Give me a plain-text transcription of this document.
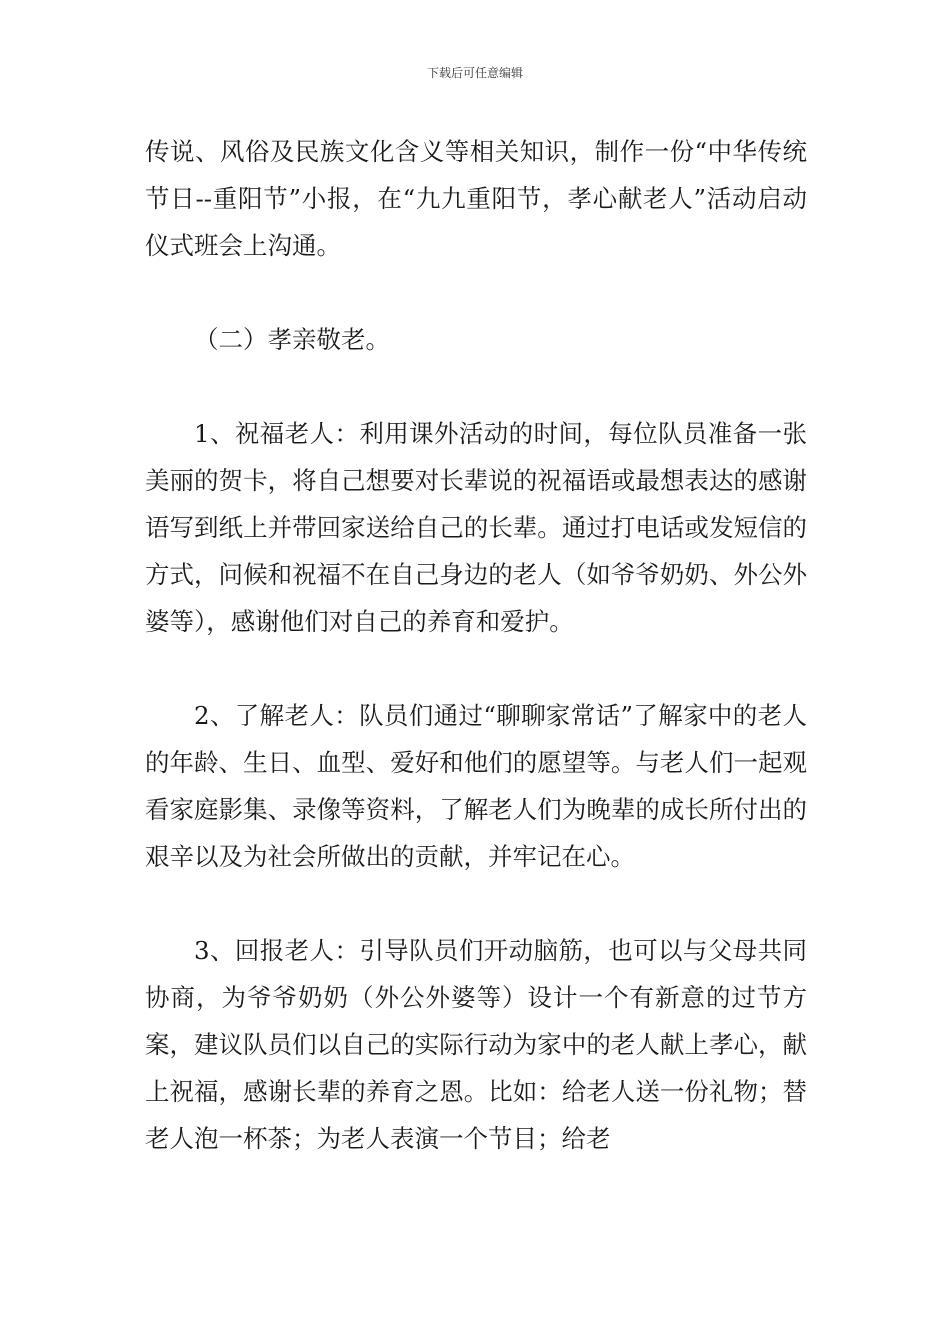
下载后可任意编辑

传说、风俗及民族文化含义等相关知识，制作一份“中华传统节日--重阳节”小报，在“九九重阳节，孝心献老人”活动启动仪式班会上沟通。

（二）孝亲敬老。

1、祝福老人：利用课外活动的时间，每位队员准备一张美丽的贺卡，将自己想要对长辈说的祝福语或最想表达的感谢语写到纸上并带回家送给自己的长辈。通过打电话或发短信的方式，问候和祝福不在自己身边的老人（如爷爷奶奶、外公外婆等），感谢他们对自己的养育和爱护。

2、了解老人：队员们通过“聊聊家常话”了解家中的老人的年龄、生日、血型、爱好和他们的愿望等。与老人们一起观看家庭影集、录像等资料，了解老人们为晚辈的成长所付出的艰辛以及为社会所做出的贡献，并牢记在心。

3、回报老人：引导队员们开动脑筋，也可以与父母共同协商，为爷爷奶奶（外公外婆等）设计一个有新意的过节方案，建议队员们以自己的实际行动为家中的老人献上孝心，献上祝福，感谢长辈的养育之恩。比如：给老人送一份礼物；替老人泡一杯茶；为老人表演一个节目；给老
